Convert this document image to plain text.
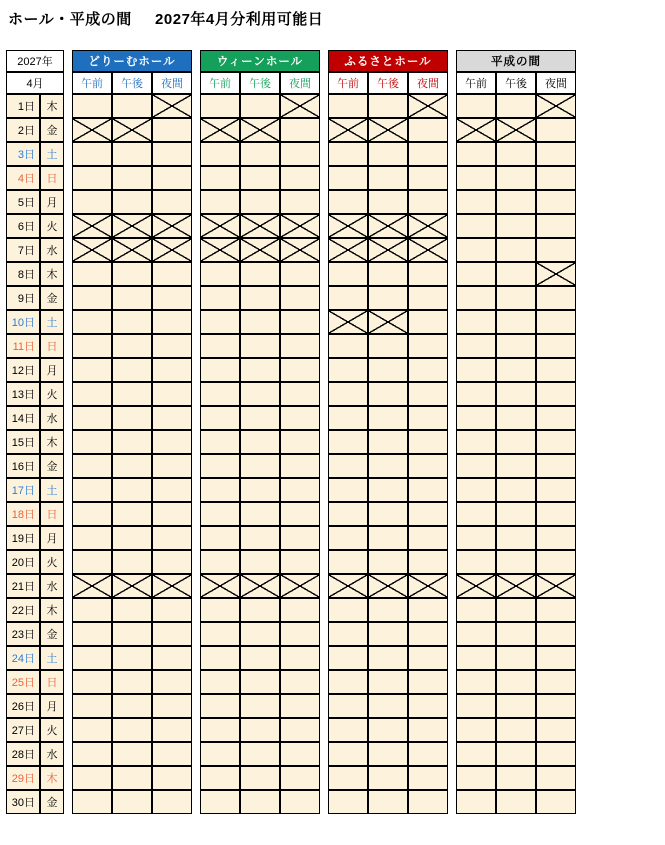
ホール・平成の間 2027年4月分利用可能日
2027年			どりーむホール				ウィーンホール				ふるさとホール				平成の間		
4月			午前	午後	夜間		午前	午後	夜間		午前	午後	夜間		午前	午後	夜間
1日	木																
2日	金																
3日	土																
4日	日																
5日	月																
6日	火																
7日	水																
8日	木																
9日	金																
10日	土																
11日	日																
12日	月																
13日	火																
14日	水																
15日	木																
16日	金																
17日	土																
18日	日																
19日	月																
20日	火																
21日	水																
22日	木																
23日	金																
24日	土																
25日	日																
26日	月																
27日	火																
28日	水																
29日	木																
30日	金																
